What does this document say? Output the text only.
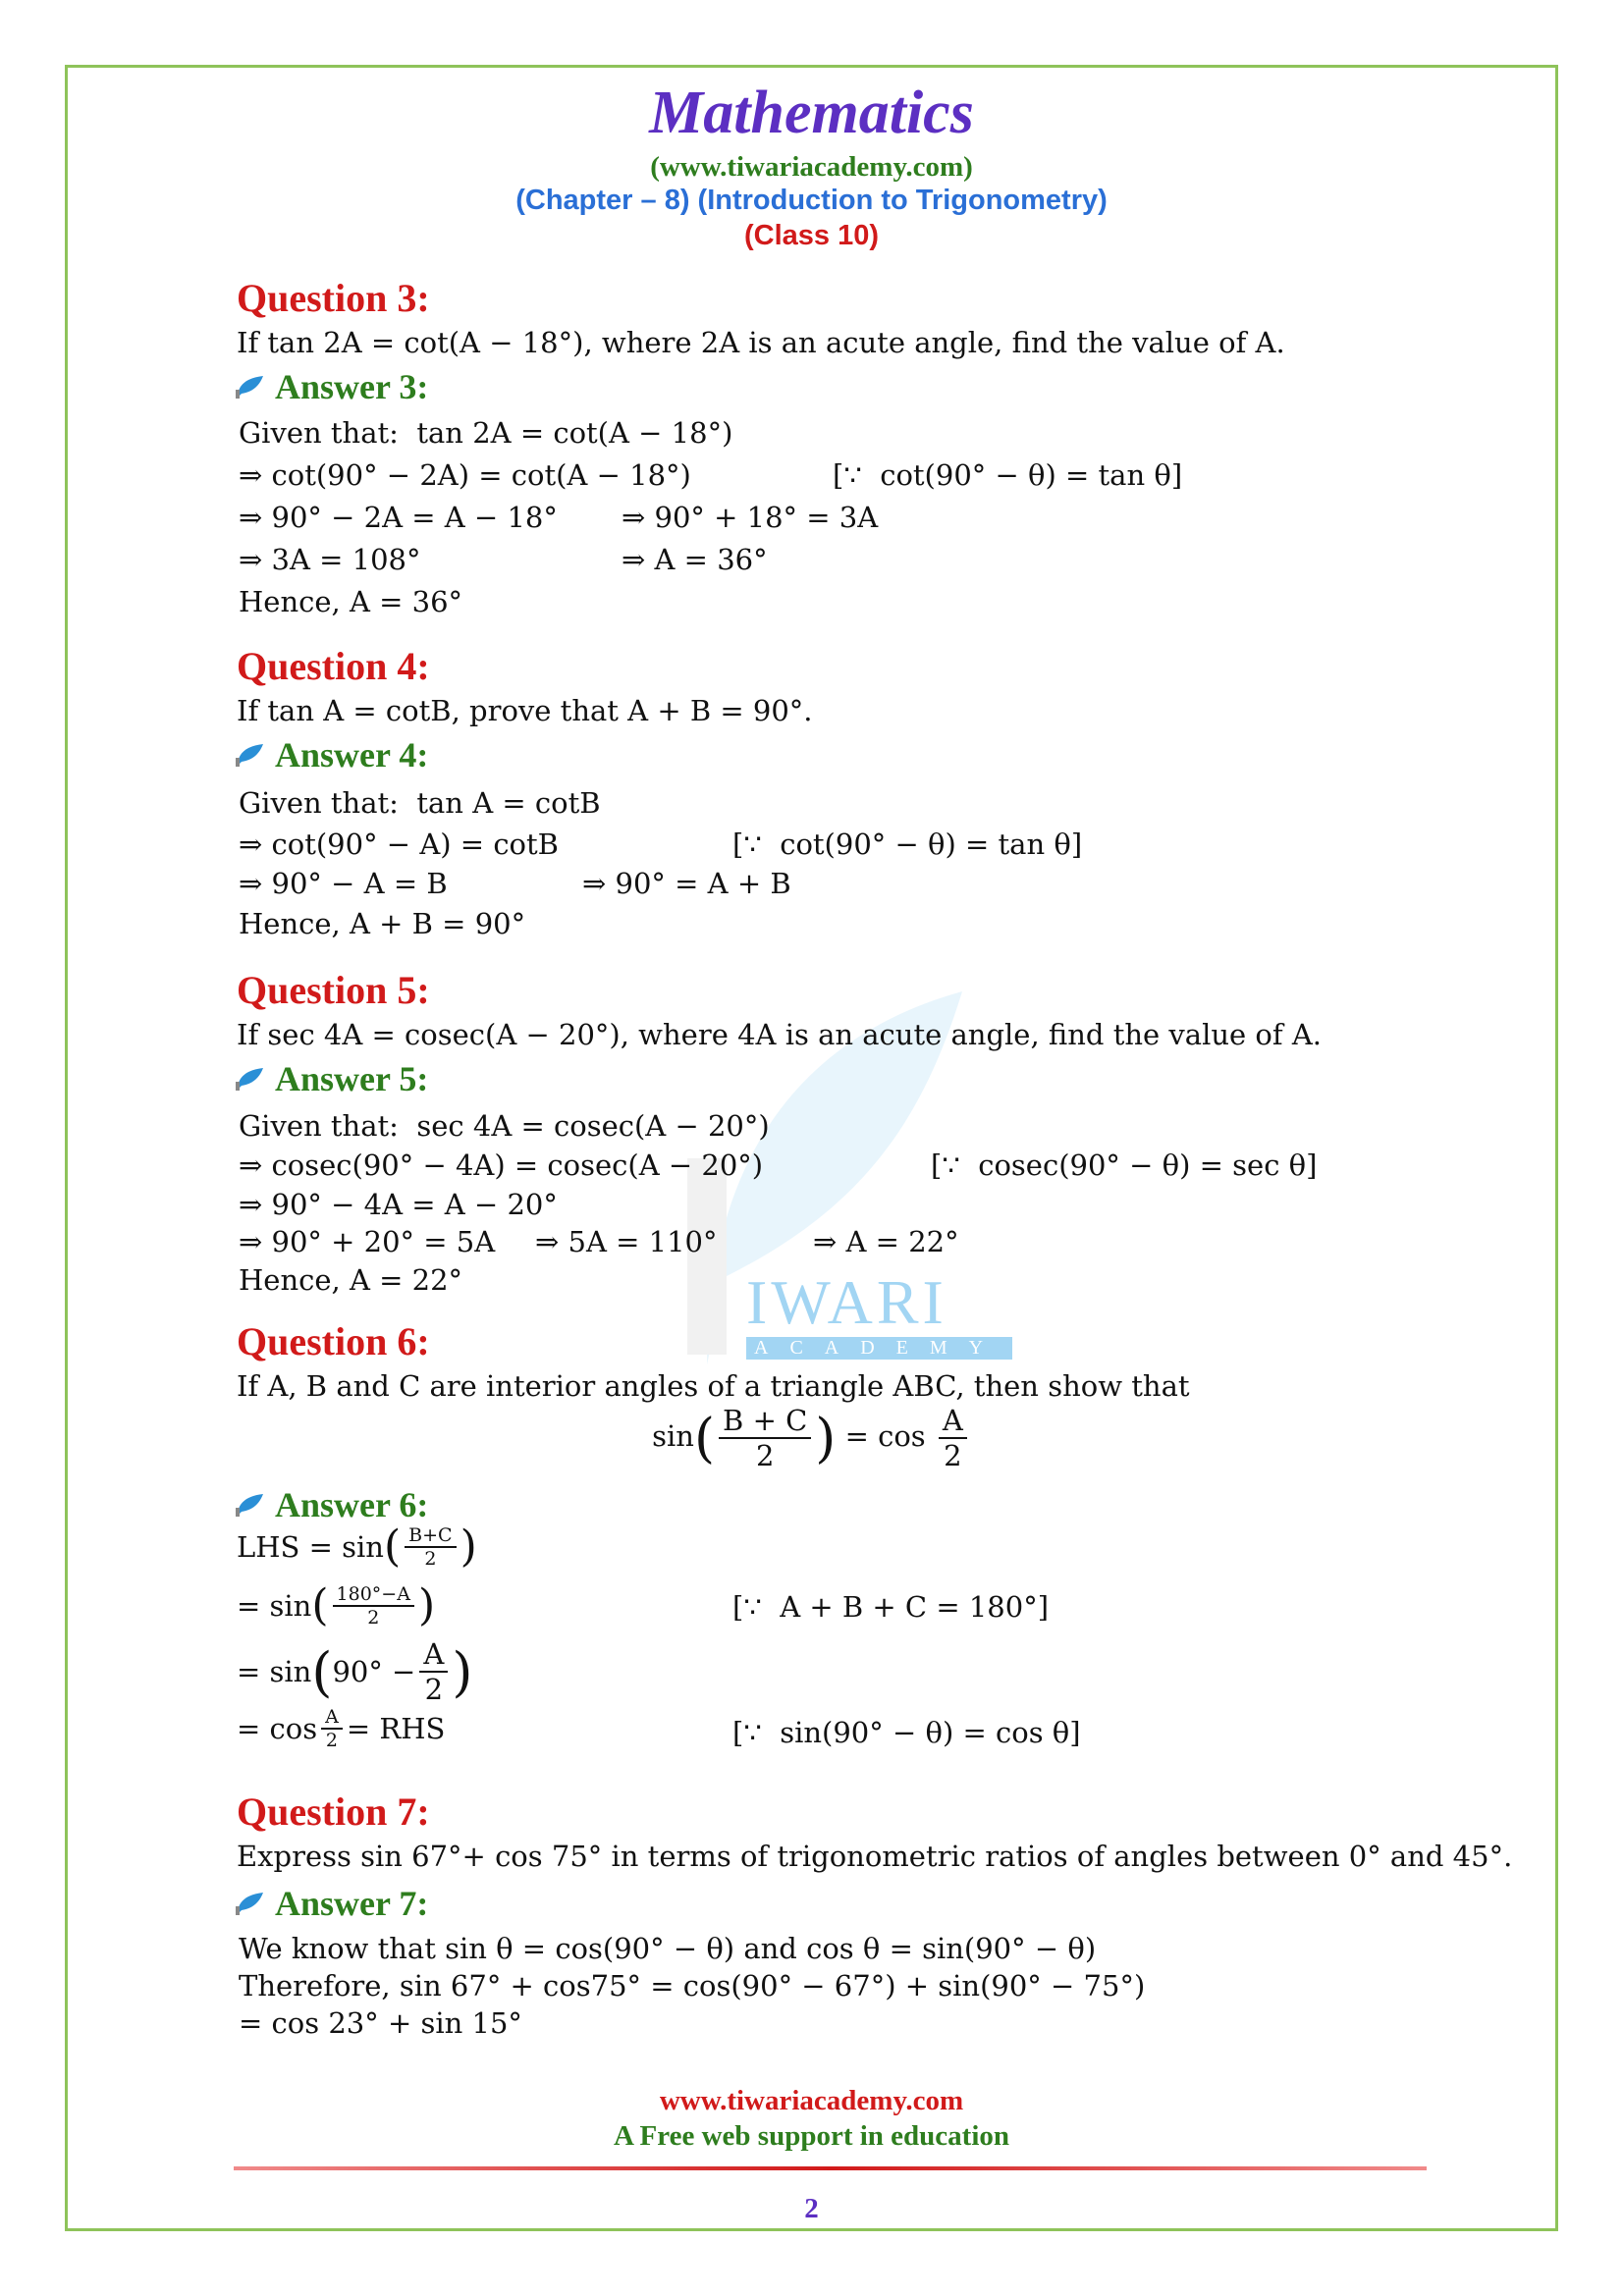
IWARI
ACADEMY
Mathematics
(www.tiwariacademy.com)
(Chapter – 8) (Introduction to Trigonometry)
(Class 10)
Question 3:
If tan 2A = cot(A − 18°), where 2A is an acute angle, find the value of A.
Answer 3:
Given that:  tan 2A = cot(A − 18°)
⇒ cot(90° − 2A) = cot(A − 18°)	[∵  cot(90° − θ) = tan θ]
⇒ 90° − 2A = A − 18° ⇒ 90° + 18° = 3A
⇒ 3A = 108°	⇒ A = 36°
Hence, A = 36°
Question 4:
If tan A = cotB, prove that A + B = 90°.
Answer 4:
Given that:  tan A = cotB
⇒ cot(90° − A) = cotB	[∵  cot(90° − θ) = tan θ]
⇒ 90° − A = B	⇒ 90° = A + B
Hence, A + B = 90°
Question 5:
If sec 4A = cosec(A − 20°), where 4A is an acute angle, find the value of A.
Answer 5:
Given that:  sec 4A = cosec(A − 20°)
⇒ cosec(90° − 4A) = cosec(A − 20°)	[∵  cosec(90° − θ) = sec θ]
⇒ 90° − 4A = A − 20°
⇒ 90° + 20° = 5A ⇒ 5A = 110°	⇒ A = 22°
Hence, A = 22°
Question 6:
If A, B and C are interior angles of a triangle ABC, then show that
$\sin( \frac{B + C}{2}$ ) = $\cos \frac{A}{2}$
Answer 6:
LHS = sin ( $\frac{B+C}{2}$ )
= sin ( $\frac{180^\circ-A}{2}$ )	[∵  A + B + C = 180°]
= sin ( $90^\circ - \frac{A}{2}$ )
= $\cos \frac{A}{2}$ = RHS	[∵  sin(90° − θ) = cos θ]
Question 7:
Express sin 67°+ cos 75° in terms of trigonometric ratios of angles between 0° and 45°.
Answer 7:
We know that sin θ = cos(90° − θ) and cos θ = sin(90° − θ)
Therefore, sin 67° + cos75° = cos(90° − 67°) + sin(90° − 75°)
= cos 23° + sin 15°
www.tiwariacademy.com
A Free web support in education
2
